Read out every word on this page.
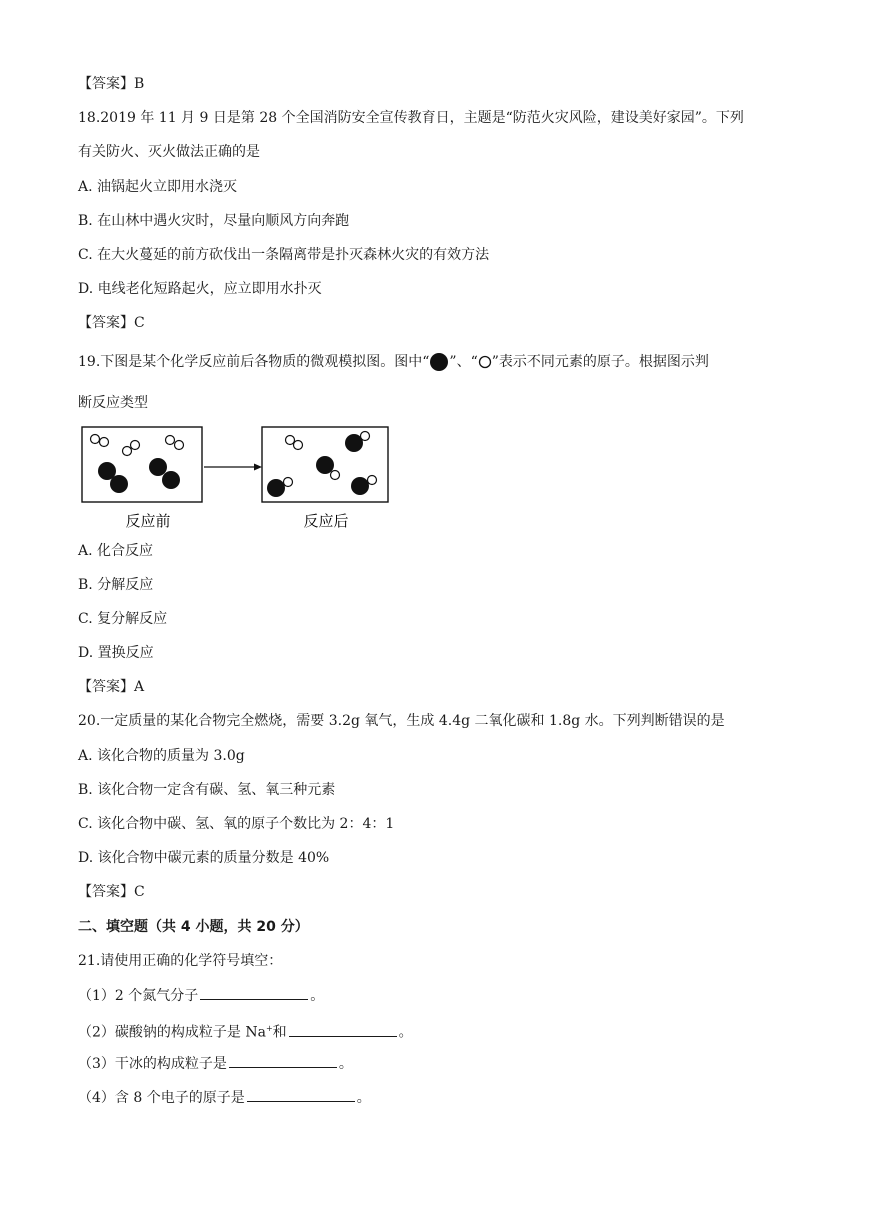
【答案】B
18.2019 年 11 月 9 日是第 28 个全国消防安全宣传教育日，主题是“防范火灾风险，建设美好家园”。下列
有关防火、灭火做法正确的是
A. 油锅起火立即用水浇灭
B. 在山林中遇火灾时，尽量向顺风方向奔跑
C. 在大火蔓延的前方砍伐出一条隔离带是扑灭森林火灾的有效方法
D. 电线老化短路起火，应立即用水扑灭
【答案】C
19.下图是某个化学反应前后各物质的微观模拟图。图中“ ”、“ ”表示不同元素的原子。根据图示判
断反应类型
反应前	反应后
A. 化合反应
B. 分解反应
C. 复分解反应
D. 置换反应
【答案】A
20.一定质量的某化合物完全燃烧，需要 3.2g 氧气，生成 4.4g 二氧化碳和 1.8g 水。下列判断错误的是
A. 该化合物的质量为 3.0g
B. 该化合物一定含有碳、氢、氧三种元素
C. 该化合物中碳、氢、氧的原子个数比为 2：4：1
D. 该化合物中碳元素的质量分数是 40%
【答案】C
二、填空题（共 4 小题，共 20 分）
21.请使用正确的化学符号填空：
（1）2 个氮气分子	。
（2）碳酸钠的构成粒子是 Na+和	。
（3）干冰的构成粒子是	。
（4）含 8 个电子的原子是	。
